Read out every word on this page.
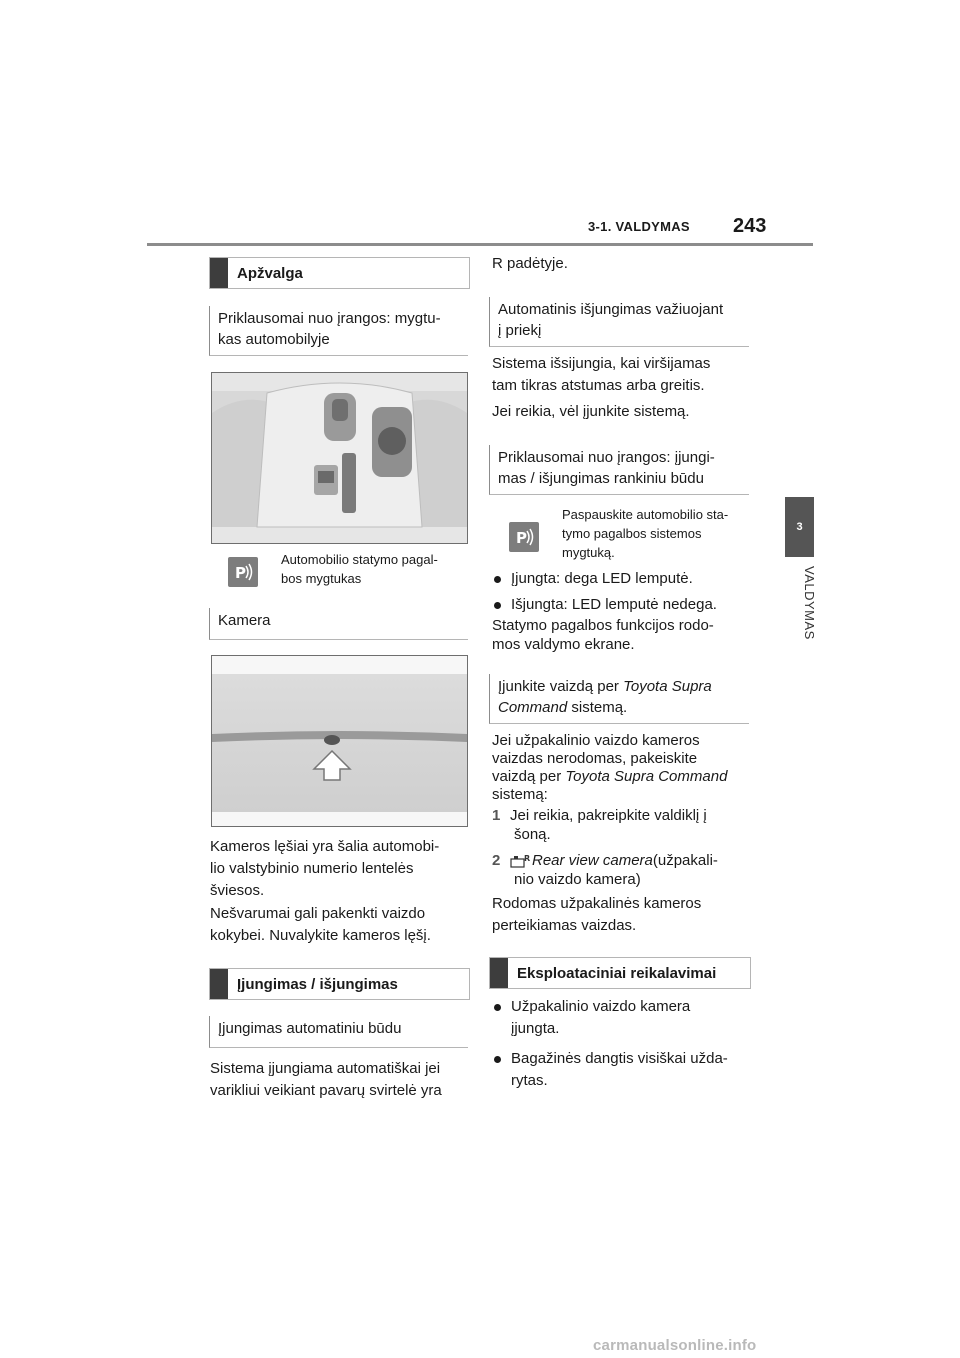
3-1. VALDYMAS 243
3
VALDYMAS
Apžvalga
Priklausomai nuo įrangos: mygtu-
kas automobilyje
P
Automobilio statymo pagal-
bos mygtukas
Kamera
Kameros lęšiai yra šalia automobi-
lio valstybinio numerio lentelės
šviesos.
Nešvarumai gali pakenkti vaizdo
kokybei. Nuvalykite kameros lęšį.
Įjungimas / išjungimas
Įjungimas automatiniu būdu
Sistema įjungiama automatiškai jei
varikliui veikiant pavarų svirtelė yra
R padėtyje.
Automatinis išjungimas važiuojant
į priekį
Sistema išsijungia, kai viršijamas
tam tikras atstumas arba greitis.
Jei reikia, vėl įjunkite sistemą.
Priklausomai nuo įrangos: įjungi-
mas / išjungimas rankiniu būdu
P
Paspauskite automobilio sta-
tymo pagalbos sistemos
mygtuką.
Įjungta: dega LED lemputė.
Išjungta: LED lemputė nedega.
Statymo pagalbos funkcijos rodo-
mos valdymo ekrane.
Įjunkite vaizdą per Toyota Supra
Command sistemą.
Jei užpakalinio vaizdo kameros
vaizdas nerodomas, pakeiskite
vaizdą per Toyota Supra Command
sistemą:
1 Jei reikia, pakreipkite valdiklį į
šoną.
2	R Rear view camera (užpakali-
nio vaizdo kamera)
Rodomas užpakalinės kameros
perteikiamas vaizdas.
Eksploataciniai reikalavimai
Užpakalinio vaizdo kamera
įjungta.
Bagažinės dangtis visiškai užda-
rytas.
carmanualsonline.info
